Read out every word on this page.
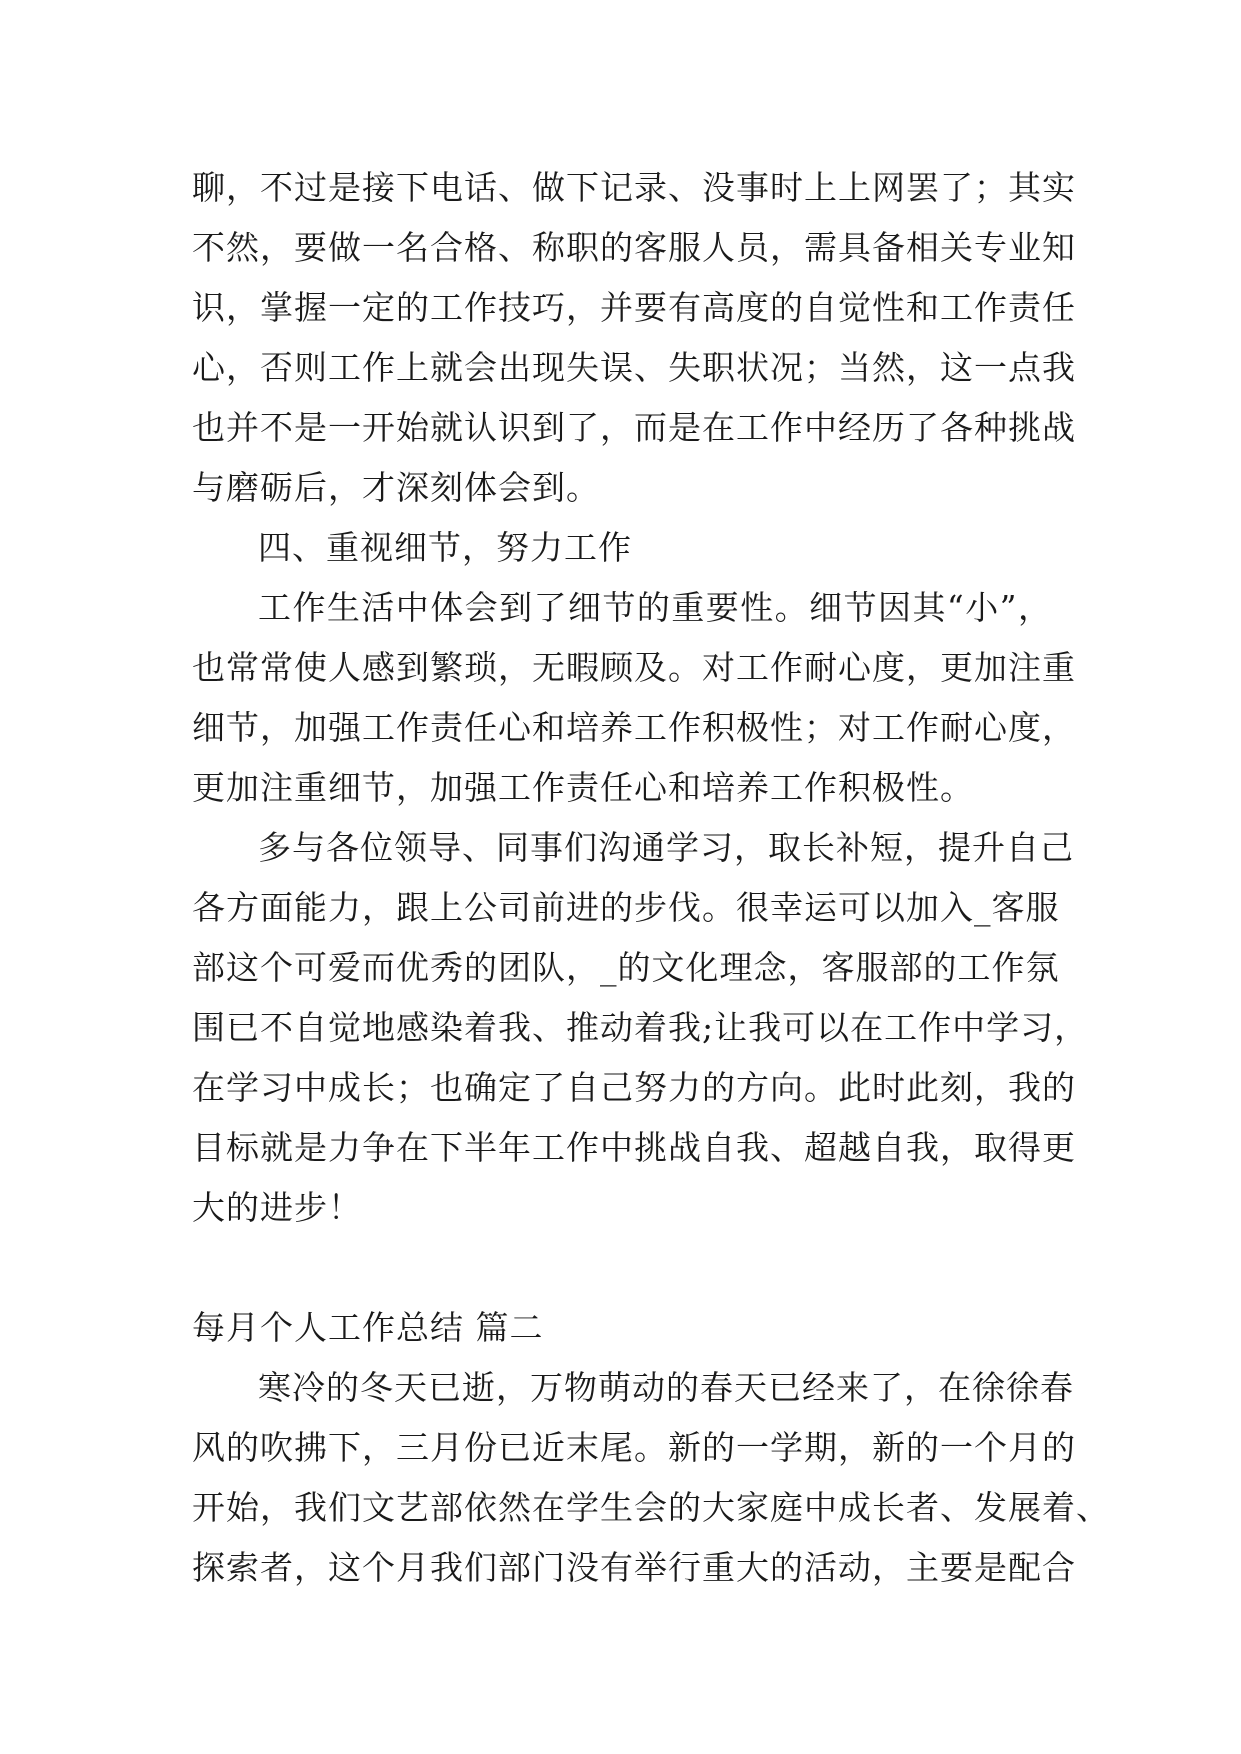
聊，不过是接下电话、做下记录、没事时上上网罢了；其实
不然，要做一名合格、称职的客服人员，需具备相关专业知
识，掌握一定的工作技巧，并要有高度的自觉性和工作责任
心，否则工作上就会出现失误、失职状况；当然，这一点我
也并不是一开始就认识到了，而是在工作中经历了各种挑战
与磨砺后，才深刻体会到。
四、重视细节，努力工作
工作生活中体会到了细节的重要性。细节因其“小”，
也常常使人感到繁琐，无暇顾及。对工作耐心度，更加注重
细节，加强工作责任心和培养工作积极性；对工作耐心度，
更加注重细节，加强工作责任心和培养工作积极性。
多与各位领导、同事们沟通学习，取长补短，提升自己
各方面能力，跟上公司前进的步伐。很幸运可以加入_客服
部这个可爱而优秀的团队，_的文化理念，客服部的工作氛
围已不自觉地感染着我、推动着我;让我可以在工作中学习，
在学习中成长；也确定了自己努力的方向。此时此刻，我的
目标就是力争在下半年工作中挑战自我、超越自我，取得更
大的进步！
每月个人工作总结 篇二
寒冷的冬天已逝，万物萌动的春天已经来了，在徐徐春
风的吹拂下，三月份已近末尾。新的一学期，新的一个月的
开始，我们文艺部依然在学生会的大家庭中成长者、发展着、
探索者，这个月我们部门没有举行重大的活动，主要是配合
